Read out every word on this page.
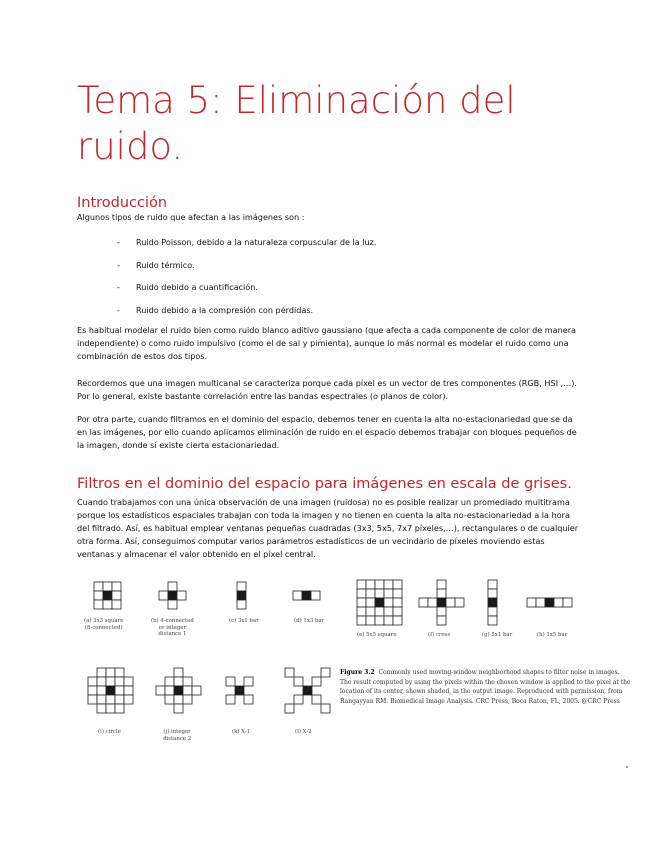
Tema 5: Eliminación del ruido.
Introducción

Algunos tipos de ruido que afectan a las imágenes son :

- Ruido Poisson, debido a la naturaleza corpuscular de la luz.
- Ruido térmico.
- Ruido debido a cuantificación.
- Ruido debido a la compresión con pérdidas.

Es habitual modelar el ruido bien como ruido blanco aditivo gaussiano (que afecta a cada componente de color de manera independiente) o como ruido impulsivo (como el de sal y pimienta), aunque lo más normal es modelar el ruido como una combinación de estos dos tipos.

Recordemos que una imagen multicanal se caracteriza porque cada píxel es un vector de tres componentes (RGB, HSI ,…). Por lo general, existe bastante correlación entre las bandas espectrales (o planos de color).

Por otra parte, cuando filtramos en el dominio del espacio, debemos tener en cuenta la alta no-estacionariedad que se da en las imágenes, por ello cuando aplicamos eliminación de ruido en el espacio debemos trabajar con bloques pequeños de la imagen, donde sí existe cierta estacionariedad.

Filtros en el dominio del espacio para imágenes en escala de grises.

Cuando trabajamos con una única observación de una imagen (ruidosa) no es posible realizar un promediado multitrama porque los estadísticos espaciales trabajan con toda la imagen y no tienen en cuenta la alta no-estacionariedad a la hora del filtrado. Así, es habitual emplear ventanas pequeñas cuadradas (3x3, 5x5, 7x7 píxeles,…), rectangulares o de cualquier otra forma. Así, conseguimos computar varios parámetros estadísticos de un vecindario de píxeles moviendo estas ventanas y almacenar el valor obtenido en el píxel central.

(a) 3x3 square
(8-connected)
(b) 4-connected
or integer
distance 1
(c) 3x1 bar	(d) 1x3 bar
(e) 5x5 square	(f) cross	(g) 5x1 bar	(h) 1x5 bar
(i) circle	(j) integer
distance 2
(k) X-1	(l) X-2

Figure 3.2 Commonly used moving-window neighborhood shapes to filter noise in images. The result computed by using the pixels within the chosen window is applied to the pixel at the location of its center, shown shaded, in the output image. Reproduced with permission, from Rangayyan RM. Biomedical Image Analysis. CRC Press, Boca Raton, FL, 2005. @CRC Press
